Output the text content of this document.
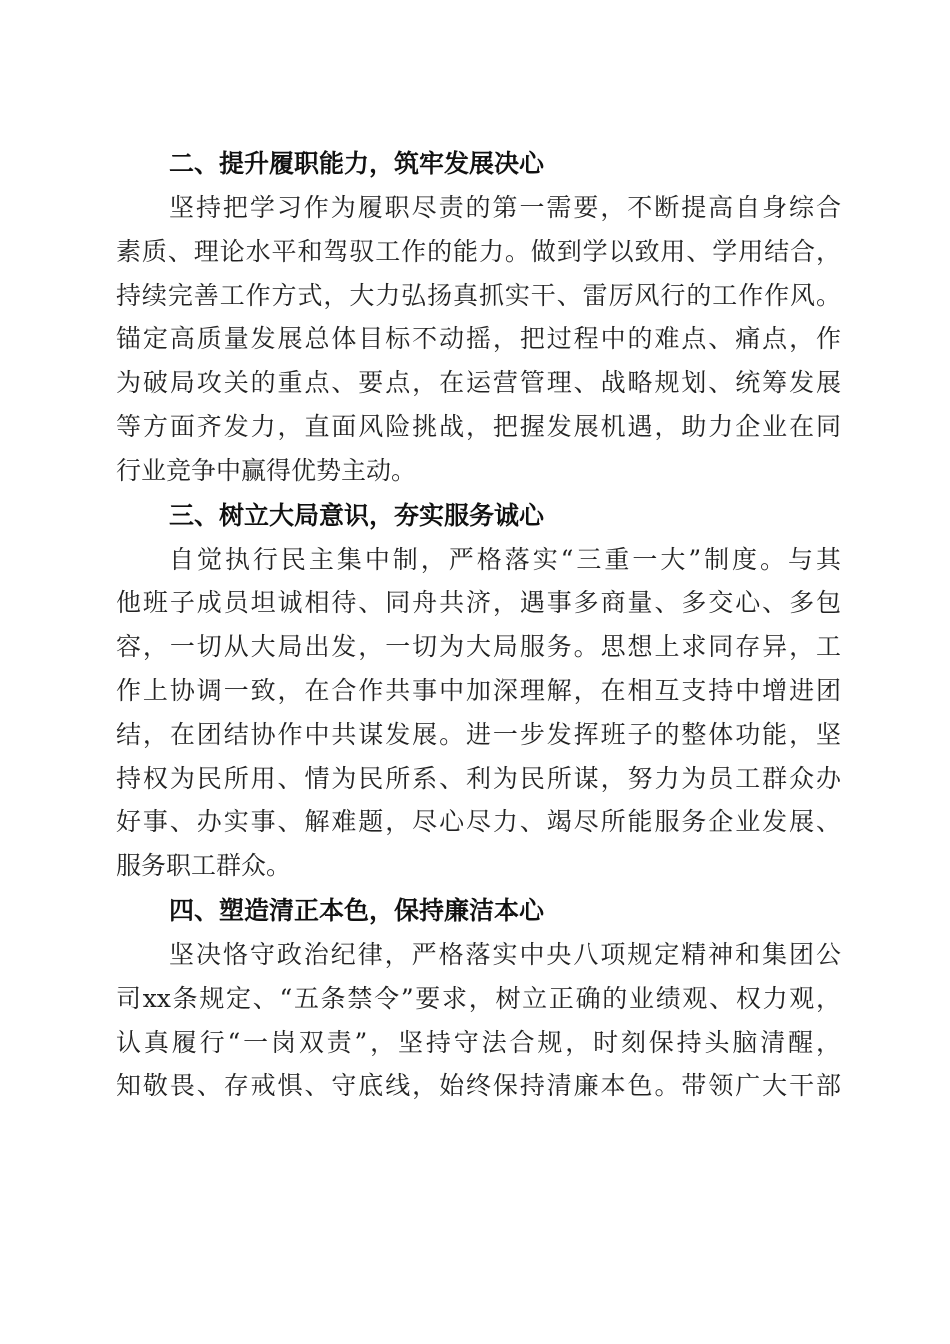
二、提升履职能力，筑牢发展决心

坚持把学习作为履职尽责的第一需要，不断提高自身综合
素质、理论水平和驾驭工作的能力。做到学以致用、学用结合，
持续完善工作方式，大力弘扬真抓实干、雷厉风行的工作作风。
锚定高质量发展总体目标不动摇，把过程中的难点、痛点，作
为破局攻关的重点、要点，在运营管理、战略规划、统筹发展
等方面齐发力，直面风险挑战，把握发展机遇，助力企业在同
行业竞争中赢得优势主动。

三、树立大局意识，夯实服务诚心

自觉执行民主集中制，严格落实“三重一大”制度。与其
他班子成员坦诚相待、同舟共济，遇事多商量、多交心、多包
容，一切从大局出发，一切为大局服务。思想上求同存异，工
作上协调一致，在合作共事中加深理解，在相互支持中增进团
结，在团结协作中共谋发展。进一步发挥班子的整体功能，坚
持权为民所用、情为民所系、利为民所谋，努力为员工群众办
好事、办实事、解难题，尽心尽力、竭尽所能服务企业发展、
服务职工群众。

四、塑造清正本色，保持廉洁本心

坚决恪守政治纪律，严格落实中央八项规定精神和集团公
司xx条规定、“五条禁令”要求，树立正确的业绩观、权力观，
认真履行“一岗双责”，坚持守法合规，时刻保持头脑清醒，
知敬畏、存戒惧、守底线，始终保持清廉本色。带领广大干部
